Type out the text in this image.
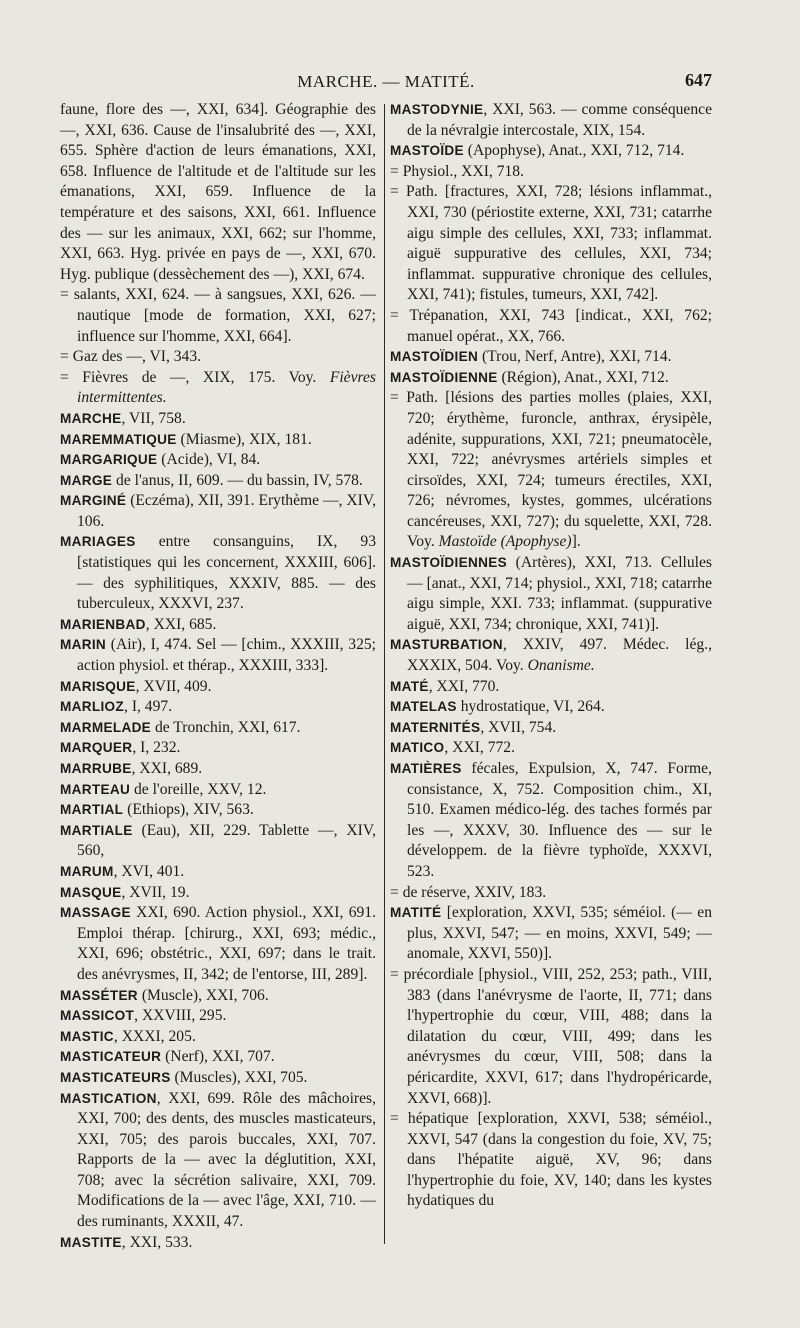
MARCHE. — MATITÉ.	647

faune, flore des —, XXI, 634]. Géographie des —, XXI, 636. Cause de l'insalubrité des —, XXI, 655. Sphère d'action de leurs émanations, XXI, 658. Influence de l'altitude et de l'altitude sur les émanations, XXI, 659. Influence de la température et des saisons, XXI, 661. Influence des — sur les animaux, XXI, 662; sur l'homme, XXI, 663. Hyg. privée en pays de —, XXI, 670. Hyg. publique (dessèchement des —), XXI, 674.

= salants, XXI, 624. — à sangsues, XXI, 626. — nautique [mode de formation, XXI, 627; influence sur l'homme, XXI, 664].

= Gaz des —, VI, 343.

= Fièvres de —, XIX, 175. Voy. Fièvres intermittentes.

MARCHE, VII, 758.

MAREMMATIQUE (Miasme), XIX, 181.

MARGARIQUE (Acide), VI, 84.

MARGE de l'anus, II, 609. — du bassin, IV, 578.

MARGINÉ (Eczéma), XII, 391. Erythème —, XIV, 106.

MARIAGES entre consanguins, IX, 93 [statistiques qui les concernent, XXXIII, 606]. — des syphilitiques, XXXIV, 885. — des tuberculeux, XXXVI, 237.

MARIENBAD, XXI, 685.

MARIN (Air), I, 474. Sel — [chim., XXXIII, 325; action physiol. et thérap., XXXIII, 333].

MARISQUE, XVII, 409.

MARLIOZ, I, 497.

MARMELADE de Tronchin, XXI, 617.

MARQUER, I, 232.

MARRUBE, XXI, 689.

MARTEAU de l'oreille, XXV, 12.

MARTIAL (Ethiops), XIV, 563.

MARTIALE (Eau), XII, 229. Tablette —, XIV, 560,

MARUM, XVI, 401.

MASQUE, XVII, 19.

MASSAGE XXI, 690. Action physiol., XXI, 691. Emploi thérap. [chirurg., XXI, 693; médic., XXI, 696; obstétric., XXI, 697; dans le trait. des anévrysmes, II, 342; de l'entorse, III, 289].

MASSÉTER (Muscle), XXI, 706.

MASSICOT, XXVIII, 295.

MASTIC, XXXI, 205.

MASTICATEUR (Nerf), XXI, 707.

MASTICATEURS (Muscles), XXI, 705.

MASTICATION, XXI, 699. Rôle des mâchoires, XXI, 700; des dents, des muscles masticateurs, XXI, 705; des parois buccales, XXI, 707. Rapports de la — avec la déglutition, XXI, 708; avec la sécrétion salivaire, XXI, 709. Modifications de la — avec l'âge, XXI, 710. — des ruminants, XXXII, 47.

MASTITE, XXI, 533.

MASTODYNIE, XXI, 563. — comme conséquence de la névralgie intercostale, XIX, 154.

MASTOÏDE (Apophyse), Anat., XXI, 712, 714.

= Physiol., XXI, 718.

= Path. [fractures, XXI, 728; lésions inflammat., XXI, 730 (périostite externe, XXI, 731; catarrhe aigu simple des cellules, XXI, 733; inflammat. aiguë suppurative des cellules, XXI, 734; inflammat. suppurative chronique des cellules, XXI, 741); fistules, tumeurs, XXI, 742].

= Trépanation, XXI, 743 [indicat., XXI, 762; manuel opérat., XX, 766.

MASTOÏDIEN (Trou, Nerf, Antre), XXI, 714.

MASTOÏDIENNE (Région), Anat., XXI, 712.

= Path. [lésions des parties molles (plaies, XXI, 720; érythème, furoncle, anthrax, érysipèle, adénite, suppurations, XXI, 721; pneumatocèle, XXI, 722; anévrysmes artériels simples et cirsoïdes, XXI, 724; tumeurs érectiles, XXI, 726; névromes, kystes, gommes, ulcérations cancéreuses, XXI, 727); du squelette, XXI, 728. Voy. Mastoïde (Apophyse)].

MASTOÏDIENNES (Artères), XXI, 713. Cellules — [anat., XXI, 714; physiol., XXI, 718; catarrhe aigu simple, XXI. 733; inflammat. (suppurative aiguë, XXI, 734; chronique, XXI, 741)].

MASTURBATION, XXIV, 497. Médec. lég., XXXIX, 504. Voy. Onanisme.

MATÉ, XXI, 770.

MATELAS hydrostatique, VI, 264.

MATERNITÉS, XVII, 754.

MATICO, XXI, 772.

MATIÈRES fécales, Expulsion, X, 747. Forme, consistance, X, 752. Composition chim., XI, 510. Examen médico-lég. des taches formés par les —, XXXV, 30. Influence des — sur le développem. de la fièvre typhoïde, XXXVI, 523.

= de réserve, XXIV, 183.

MATITÉ [exploration, XXVI, 535; séméiol. (— en plus, XXVI, 547; — en moins, XXVI, 549; — anomale, XXVI, 550)].

= précordiale [physiol., VIII, 252, 253; path., VIII, 383 (dans l'anévrysme de l'aorte, II, 771; dans l'hypertrophie du cœur, VIII, 488; dans la dilatation du cœur, VIII, 499; dans les anévrysmes du cœur, VIII, 508; dans la péricardite, XXVI, 617; dans l'hydropéricarde, XXVI, 668)].

= hépatique [exploration, XXVI, 538; séméiol., XXVI, 547 (dans la congestion du foie, XV, 75; dans l'hépatite aiguë, XV, 96; dans l'hypertrophie du foie, XV, 140; dans les kystes hydatiques du
